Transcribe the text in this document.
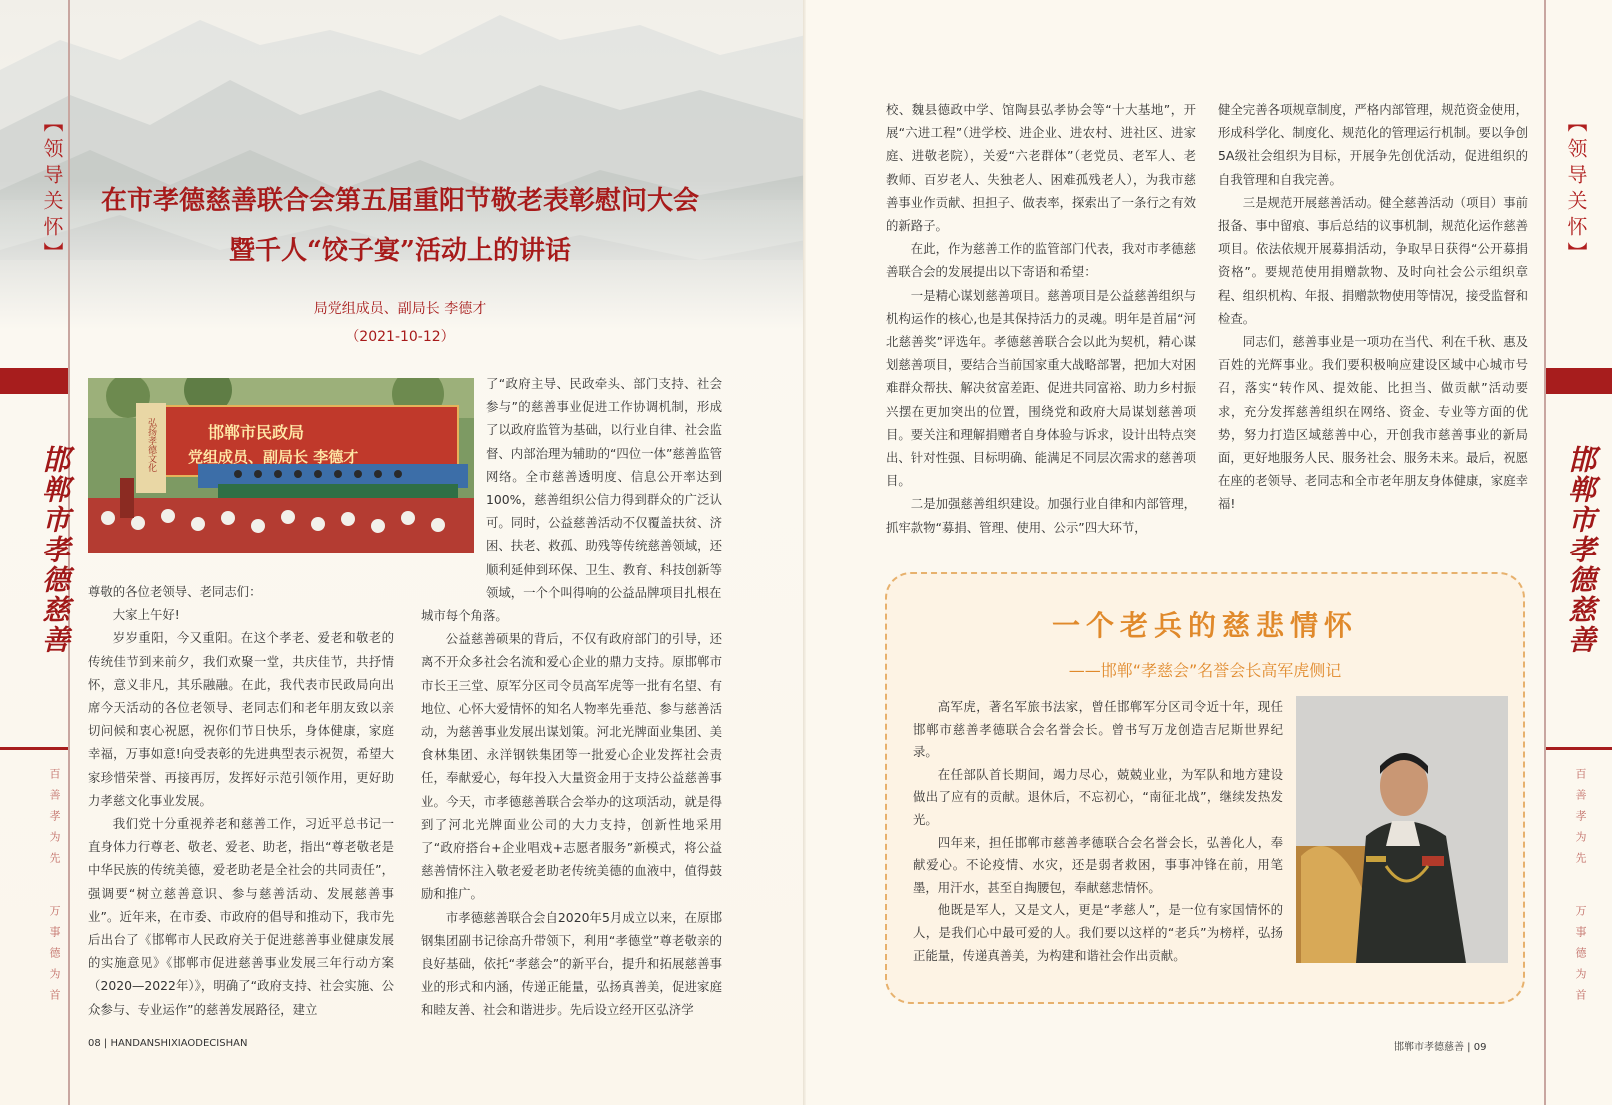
【领导关怀】
邯郸市孝德慈善
百善孝为先
万事德为首
在市孝德慈善联合会第五届重阳节敬老表彰慰问大会
暨千人“饺子宴”活动上的讲话
局党组成员、副局长 李德才
（2021-10-12）
邯郸市民政局
党组成员、副局长 李德才
弘扬孝德文化

尊敬的各位老领导、老同志们：

大家上午好!

岁岁重阳，今又重阳。在这个孝老、爱老和敬老的传统佳节到来前夕，我们欢聚一堂，共庆佳节，共抒情怀，意义非凡，其乐融融。在此，我代表市民政局向出席今天活动的各位老领导、老同志们和老年朋友致以亲切问候和衷心祝愿，祝你们节日快乐，身体健康，家庭幸福，万事如意!向受表彰的先进典型表示祝贺，希望大家珍惜荣誉、再接再厉，发挥好示范引领作用，更好助力孝慈文化事业发展。

我们党十分重视养老和慈善工作，习近平总书记一直身体力行尊老、敬老、爱老、助老，指出“尊老敬老是中华民族的传统美德，爱老助老是全社会的共同责任”，强调要“树立慈善意识、参与慈善活动、发展慈善事业”。近年来，在市委、市政府的倡导和推动下，我市先后出台了《邯郸市人民政府关于促进慈善事业健康发展的实施意见》《邯郸市促进慈善事业发展三年行动方案（2020—2022年）》，明确了“政府支持、社会实施、公众参与、专业运作”的慈善发展路径，建立

了“政府主导、民政牵头、部门支持、社会参与”的慈善事业促进工作协调机制，形成了以政府监管为基础，以行业自律、社会监督、内部治理为辅助的“四位一体”慈善监管网络。全市慈善透明度、信息公开率达到100%，慈善组织公信力得到群众的广泛认可。同时，公益慈善活动不仅覆盖扶贫、济困、扶老、救孤、助残等传统慈善领域，还顺利延伸到环保、卫生、教育、科技创新等领域，一个个叫得响的公益品牌项目扎根在

城市每个角落。

公益慈善硕果的背后，不仅有政府部门的引导，还离不开众多社会名流和爱心企业的鼎力支持。原邯郸市市长王三堂、原军分区司令员高军虎等一批有名望、有地位、心怀大爱情怀的知名人物率先垂范、参与慈善活动，为慈善事业发展出谋划策。河北光牌面业集团、美食林集团、永洋钢铁集团等一批爱心企业发挥社会责任，奉献爱心，每年投入大量资金用于支持公益慈善事业。今天，市孝德慈善联合会举办的这项活动，就是得到了河北光牌面业公司的大力支持，创新性地采用了“政府搭台+企业唱戏+志愿者服务”新模式，将公益慈善情怀注入敬老爱老助老传统美德的血液中，值得鼓励和推广。

市孝德慈善联合会自2020年5月成立以来，在原邯钢集团副书记徐高升带领下，利用“孝德堂”尊老敬亲的良好基础，依托“孝慈会”的新平台，提升和拓展慈善事业的形式和内涵，传递正能量，弘扬真善美，促进家庭和睦友善、社会和谐进步。先后设立经开区弘济学

08 | HANDANSHIXIAODECISHAN
【领导关怀】
邯郸市孝德慈善
百善孝为先
万事德为首

校、魏县德政中学、馆陶县弘孝协会等“十大基地”，开展“六进工程”（进学校、进企业、进农村、进社区、进家庭、进敬老院），关爱“六老群体”（老党员、老军人、老教师、百岁老人、失独老人、困难孤残老人），为我市慈善事业作贡献、担担子、做表率，探索出了一条行之有效的新路子。

在此，作为慈善工作的监管部门代表，我对市孝德慈善联合会的发展提出以下寄语和希望：

一是精心谋划慈善项目。慈善项目是公益慈善组织与机构运作的核心,也是其保持活力的灵魂。明年是首届“河北慈善奖”评选年。孝德慈善联合会以此为契机，精心谋划慈善项目，要结合当前国家重大战略部署，把加大对困难群众帮扶、解决贫富差距、促进共同富裕、助力乡村振兴摆在更加突出的位置，围绕党和政府大局谋划慈善项目。要关注和理解捐赠者自身体验与诉求，设计出特点突出、针对性强、目标明确、能满足不同层次需求的慈善项目。

二是加强慈善组织建设。加强行业自律和内部管理，抓牢款物“募捐、管理、使用、公示”四大环节，

健全完善各项规章制度，严格内部管理，规范资金使用，形成科学化、制度化、规范化的管理运行机制。要以争创5A级社会组织为目标，开展争先创优活动，促进组织的自我管理和自我完善。

三是规范开展慈善活动。健全慈善活动（项目）事前报备、事中留痕、事后总结的议事机制，规范化运作慈善项目。依法依规开展募捐活动，争取早日获得“公开募捐资格”。要规范使用捐赠款物、及时向社会公示组织章程、组织机构、年报、捐赠款物使用等情况，接受监督和检查。

同志们，慈善事业是一项功在当代、利在千秋、惠及百姓的光辉事业。我们要积极响应建设区域中心城市号召，落实“转作风、提效能、比担当、做贡献”活动要求，充分发挥慈善组织在网络、资金、专业等方面的优势，努力打造区域慈善中心，开创我市慈善事业的新局面，更好地服务人民、服务社会、服务未来。最后，祝愿在座的老领导、老同志和全市老年朋友身体健康，家庭幸福!

一个老兵的慈悲情怀
——邯郸“孝慈会”名誉会长高军虎侧记

高军虎，著名军旅书法家，曾任邯郸军分区司令近十年，现任邯郸市慈善孝德联合会名誉会长。曾书写万龙创造吉尼斯世界纪录。

在任部队首长期间，竭力尽心，兢兢业业，为军队和地方建设做出了应有的贡献。退休后，不忘初心，“南征北战”，继续发热发光。

四年来，担任邯郸市慈善孝德联合会名誉会长，弘善化人，奉献爱心。不论疫情、水灾，还是弱者救困，事事冲锋在前，用笔墨，用汗水，甚至自掏腰包，奉献慈悲情怀。

他既是军人，又是文人，更是“孝慈人”，是一位有家国情怀的人，是我们心中最可爱的人。我们要以这样的“老兵”为榜样，弘扬正能量，传递真善美，为构建和谐社会作出贡献。

邯郸市孝德慈善 | 09
